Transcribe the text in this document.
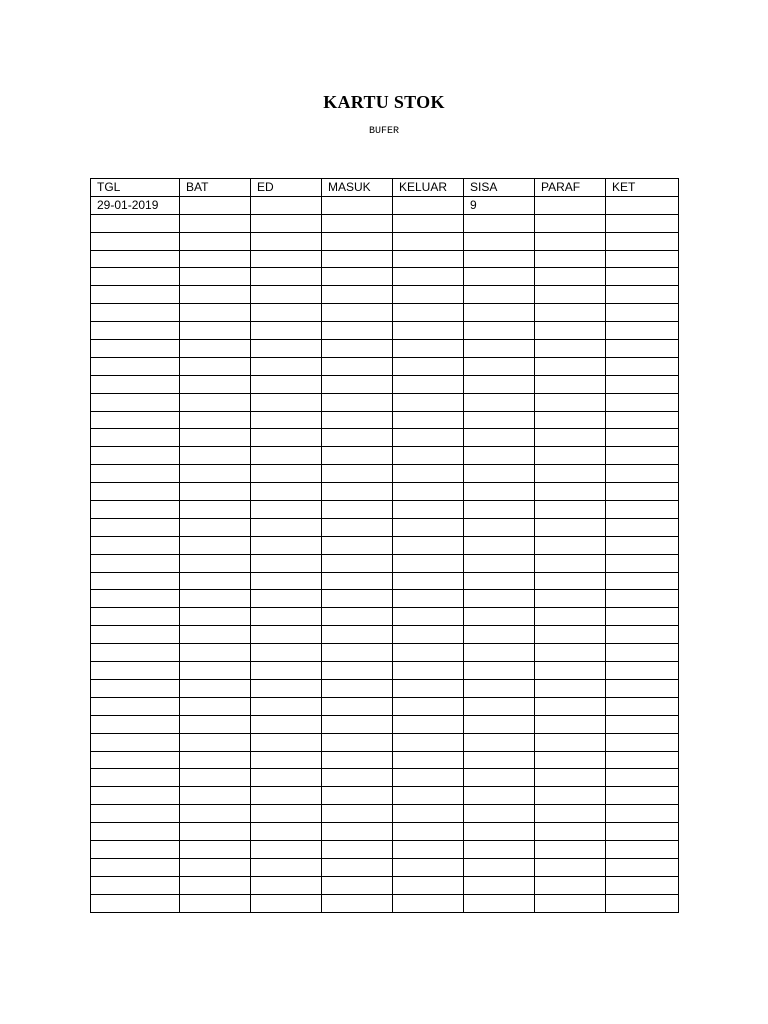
KARTU STOK
BUFER
TGL	BAT	ED	MASUK	KELUAR	SISA	PARAF	KET
29-01-2019					9		
